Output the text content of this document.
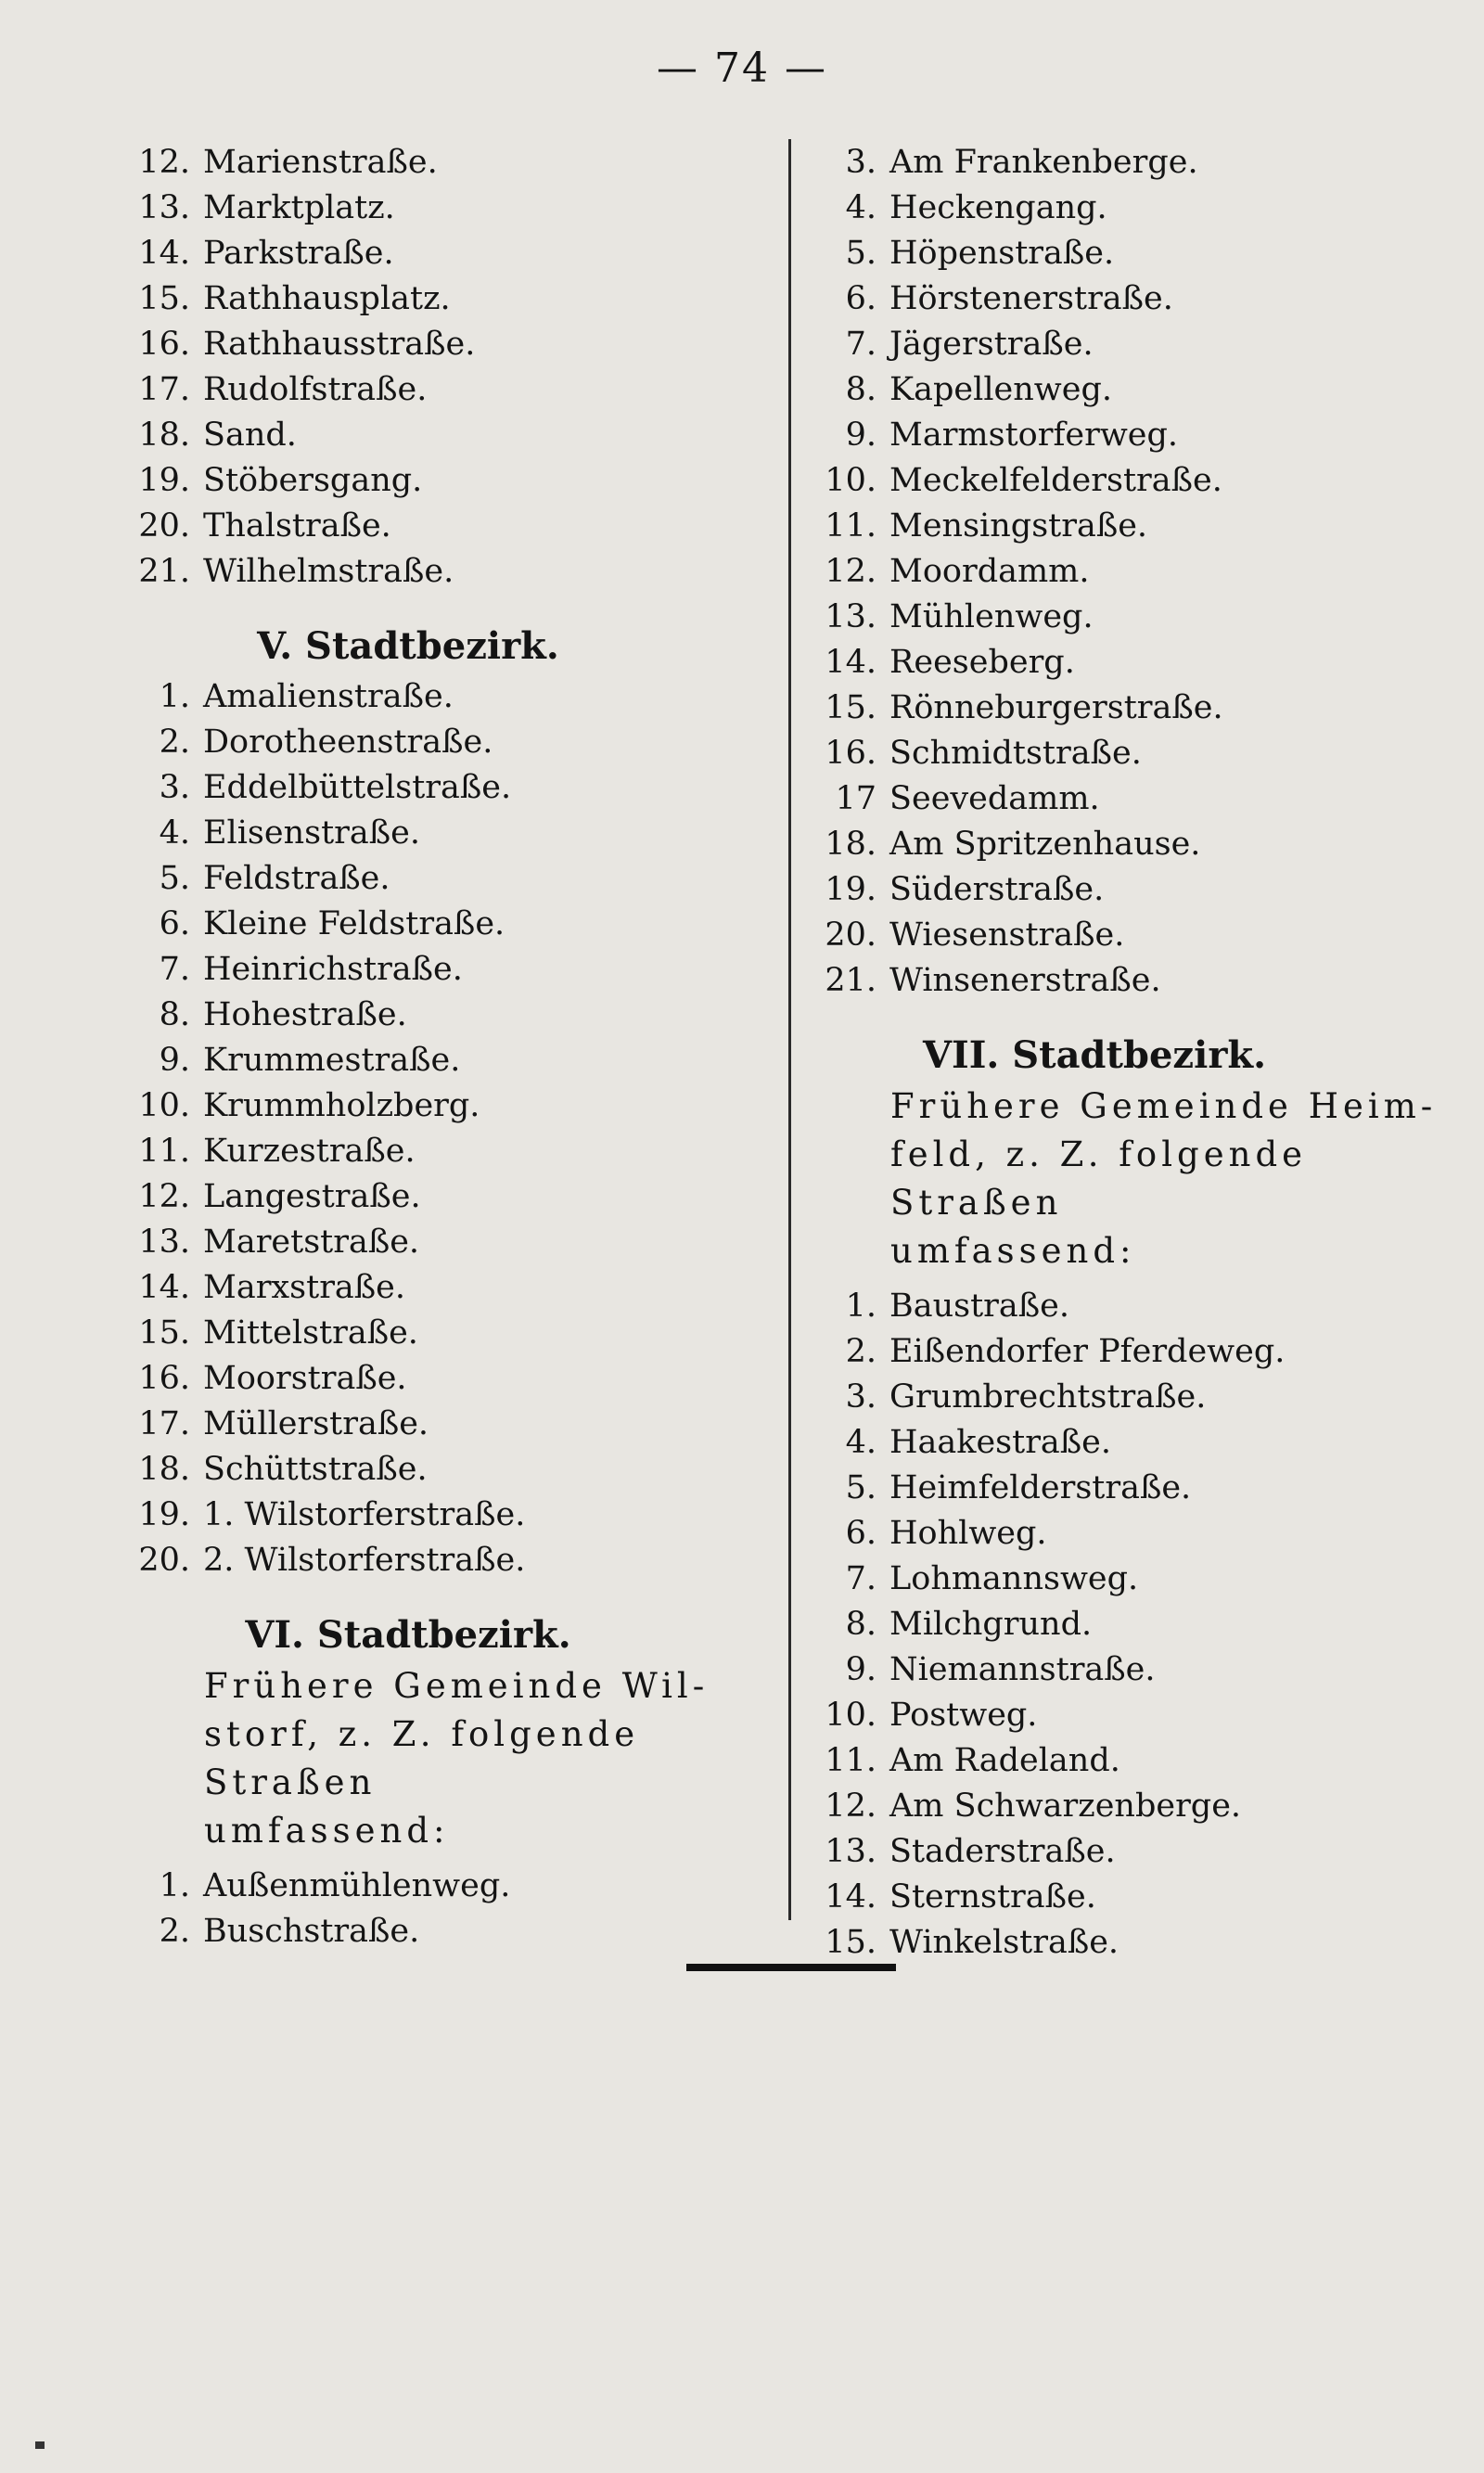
— 74 —
12. Marienstraße.
13. Marktplatz.
14. Parkstraße.
15. Rathhausplatz.
16. Rathhausstraße.
17. Rudolfstraße.
18. Sand.
19. Stöbersgang.
20. Thalstraße.
21. Wilhelmstraße.
V. Stadtbezirk.
1. Amalienstraße.
2. Dorotheenstraße.
3. Eddelbüttelstraße.
4. Elisenstraße.
5. Feldstraße.
6. Kleine Feldstraße.
7. Heinrichstraße.
8. Hohestraße.
9. Krummestraße.
10. Krummholzberg.
11. Kurzestraße.
12. Langestraße.
13. Maretstraße.
14. Marxstraße.
15. Mittelstraße.
16. Moorstraße.
17. Müllerstraße.
18. Schüttstraße.
19. 1. Wilstorferstraße.
20. 2. Wilstorferstraße.
VI. Stadtbezirk.
Frühere Gemeinde Wil-
storf, z. Z. folgende Straßen
umfassend:
1. Außenmühlenweg.
2. Buschstraße.
3. Am Frankenberge.
4. Heckengang.
5. Höpenstraße.
6. Hörstenerstraße.
7. Jägerstraße.
8. Kapellenweg.
9. Marmstorferweg.
10. Meckelfelderstraße.
11. Mensingstraße.
12. Moordamm.
13. Mühlenweg.
14. Reeseberg.
15. Rönneburgerstraße.
16. Schmidtstraße.
17 Seevedamm.
18. Am Spritzenhause.
19. Süderstraße.
20. Wiesenstraße.
21. Winsenerstraße.
VII. Stadtbezirk.
Frühere Gemeinde Heim-
feld, z. Z. folgende Straßen
umfassend:
1. Baustraße.
2. Eißendorfer Pferdeweg.
3. Grumbrechtstraße.
4. Haakestraße.
5. Heimfelderstraße.
6. Hohlweg.
7. Lohmannsweg.
8. Milchgrund.
9. Niemannstraße.
10. Postweg.
11. Am Radeland.
12. Am Schwarzenberge.
13. Staderstraße.
14. Sternstraße.
15. Winkelstraße.
